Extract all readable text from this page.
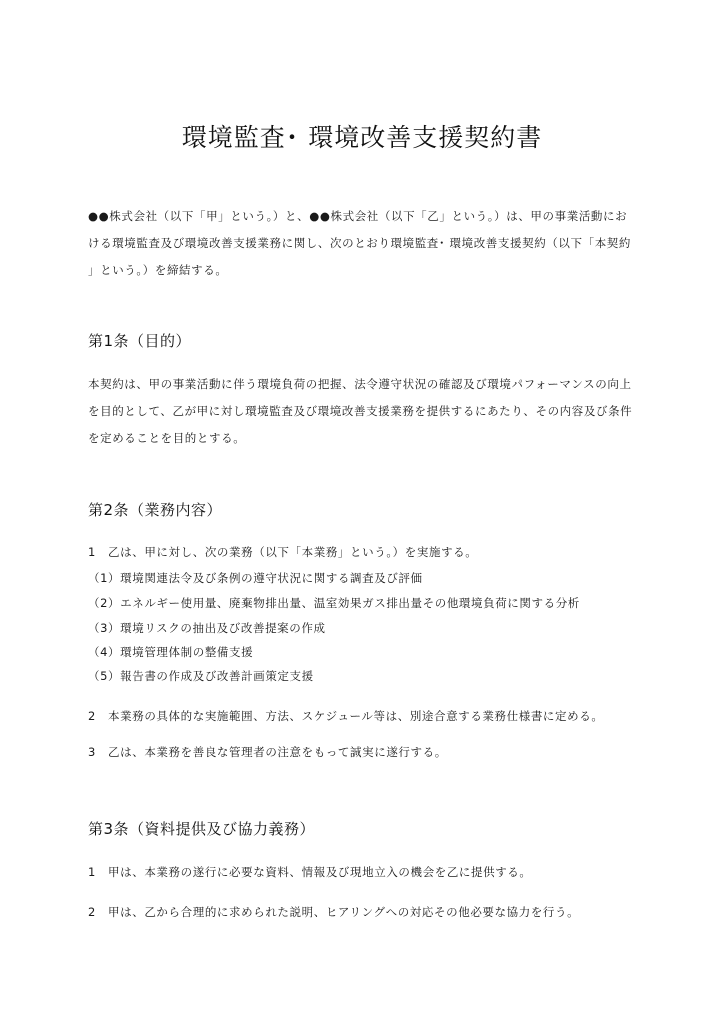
環境監査･ 環境改善支援契約書
●●株式会社（以下「甲」という。）と、●●株式会社（以下「乙」という。）は、甲の事業活動にお
ける環境監査及び環境改善支援業務に関し、次のとおり環境監査･ 環境改善支援契約（以下「本契約
」という。）を締結する。
第1条（目的）
本契約は、甲の事業活動に伴う環境負荷の把握、法令遵守状況の確認及び環境パフォーマンスの向上
を目的として、乙が甲に対し環境監査及び環境改善支援業務を提供するにあたり、その内容及び条件
を定めることを目的とする。
第2条（業務内容）
1　乙は、甲に対し、次の業務（以下「本業務」という。）を実施する。
（1）環境関連法令及び条例の遵守状況に関する調査及び評価
（2）エネルギー使用量、廃棄物排出量、温室効果ガス排出量その他環境負荷に関する分析
（3）環境リスクの抽出及び改善提案の作成
（4）環境管理体制の整備支援
（5）報告書の作成及び改善計画策定支援
2　本業務の具体的な実施範囲、方法、スケジュール等は、別途合意する業務仕様書に定める。
3　乙は、本業務を善良な管理者の注意をもって誠実に遂行する。
第3条（資料提供及び協力義務）
1　甲は、本業務の遂行に必要な資料、情報及び現地立入の機会を乙に提供する。
2　甲は、乙から合理的に求められた説明、ヒアリングへの対応その他必要な協力を行う。
